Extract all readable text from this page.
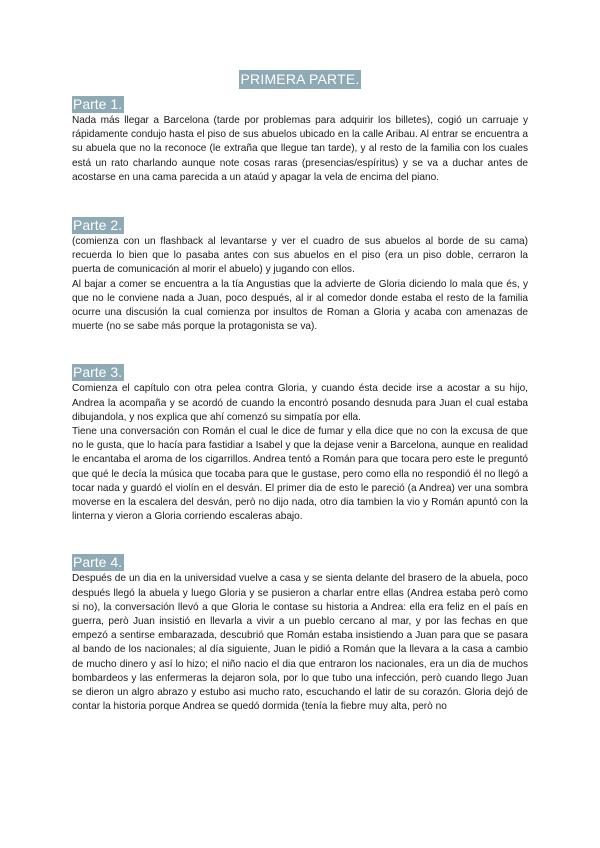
PRIMERA PARTE.
Parte 1.

Nada más llegar a Barcelona (tarde por problemas para adquirir los billetes), cogió un carruaje y rápidamente condujo hasta el piso de sus abuelos ubicado en la calle Aribau. Al entrar se encuentra a su abuela que no la reconoce (le extraña que llegue tan tarde), y al resto de la familia con los cuales está un rato charlando aunque note cosas raras (presencias/espíritus) y se va a duchar antes de acostarse en una cama parecida a un ataúd y apagar la vela de encima del piano.

Parte 2.

(comienza con un flashback al levantarse y ver el cuadro de sus abuelos al borde de su cama) recuerda lo bien que lo pasaba antes con sus abuelos en el piso (era un piso doble, cerraron la puerta de comunicación al morir el abuelo) y jugando con ellos.

Al bajar a comer se encuentra a la tía Angustias que la advierte de Gloria diciendo lo mala que és, y que no le conviene nada a Juan, poco después, al ir al comedor donde estaba el resto de la familia ocurre una discusión la cual comienza por insultos de Roman a Gloria y acaba con amenazas de muerte (no se sabe más porque la protagonista se va).

Parte 3.

Comienza el capítulo con otra pelea contra Gloria, y cuando ésta decide irse a acostar a su hijo, Andrea la acompaña y se acordó de cuando la encontró posando desnuda para Juan el cual estaba dibujandola, y nos explica que ahí comenzó su simpatía por ella.

Tiene una conversación con Román el cual le dice de fumar y ella dice que no con la excusa de que no le gusta, que lo hacía para fastidiar a Isabel y que la dejase venir a Barcelona, aunque en realidad le encantaba el aroma de los cigarrillos. Andrea tentó a Román para que tocara pero este le preguntó que qué le decía la música que tocaba para que le gustase, pero como ella no respondió él no llegó a tocar nada y guardó el violín en el desván. El primer dia de esto le pareció (a Andrea) ver una sombra moverse en la escalera del desván, però no dijo nada, otro dia tambien la vio y Román apuntó con la linterna y vieron a Gloria corriendo escaleras abajo.

Parte 4.

Después de un dia en la universidad vuelve a casa y se sienta delante del brasero de la abuela, poco después llegó la abuela y luego Gloria y se pusieron a charlar entre ellas (Andrea estaba però como si no), la conversación llevó a que Gloria le contase su historia a Andrea: ella era feliz en el país en guerra, però Juan insistió en llevarla a vivir a un pueblo cercano al mar, y por las fechas en que empezó a sentirse embarazada, descubrió que Román estaba insistiendo a Juan para que se pasara al bando de los nacionales; al día siguiente, Juan le pidió a Román que la llevara a la casa a cambio de mucho dinero y así lo hizo; el niño nacio el dia que entraron los nacionales, era un dia de muchos bombardeos y las enfermeras la dejaron sola, por lo que tubo una infección, però cuando llego Juan se dieron un algro abrazo y estubo asi mucho rato, escuchando el latir de su corazón. Gloria dejó de contar la historia porque Andrea se quedó dormida (tenía la fiebre muy alta, però no
